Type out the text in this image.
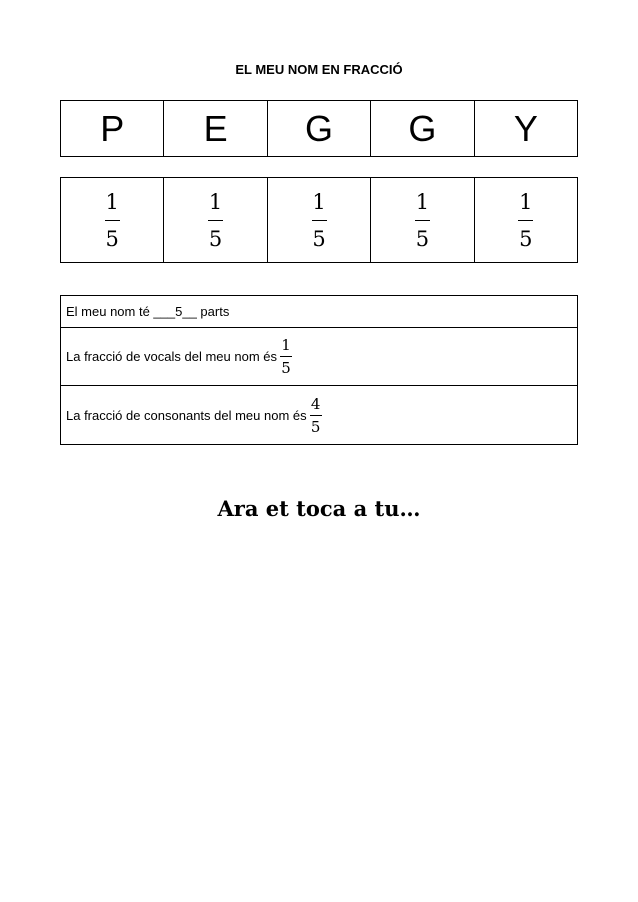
EL MEU NOM EN FRACCIÓ
P	E	G	G	Y
$\frac{1}{5}$	$\frac{1}{5}$	$\frac{1}{5}$	$\frac{1}{5}$	$\frac{1}{5}$
El meu nom té ___5__ parts
La fracció de vocals del meu nom és $\frac{1}{5}$
La fracció de consonants del meu nom és $\frac{4}{5}$
Ara et toca a tu…
